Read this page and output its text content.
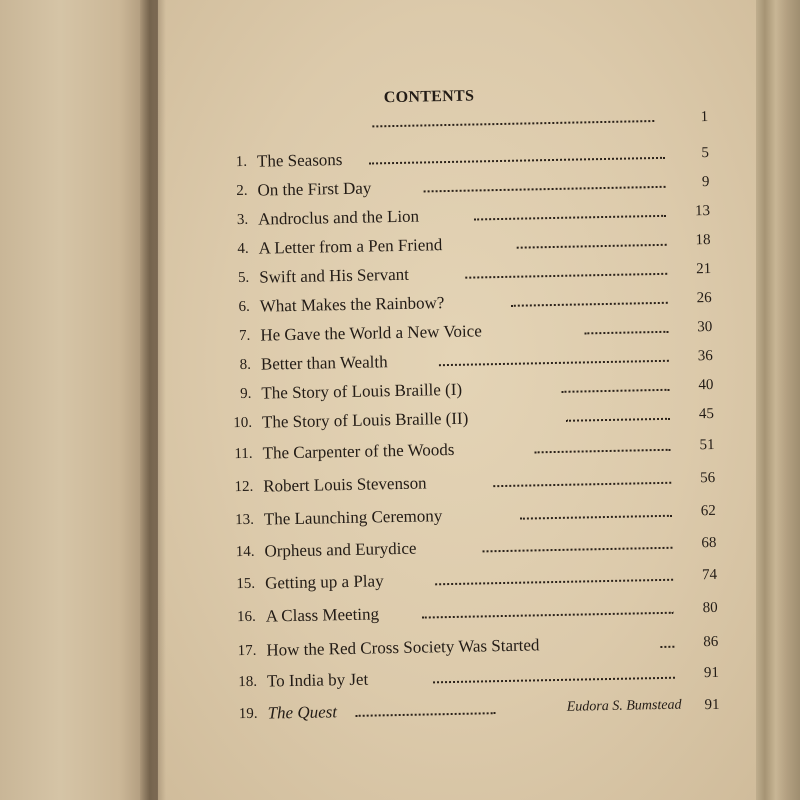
CONTENTS
1
1. The Seasons	5
2. On the First Day	9
3. Androclus and the Lion	13
4. A Letter from a Pen Friend	18
5. Swift and His Servant	21
6. What Makes the Rainbow?	26
7. He Gave the World a New Voice	30
8. Better than Wealth	36
9. The Story of Louis Braille (I)	40
10. The Story of Louis Braille (II)	45
11. The Carpenter of the Woods	51
12. Robert Louis Stevenson	56
13. The Launching Ceremony	62
14. Orpheus and Eurydice	68
15. Getting up a Play	74
16. A Class Meeting	80
17. How the Red Cross Society Was Started	86
18. To India by Jet	91
19. The Quest	Eudora S. Bumstead	91
